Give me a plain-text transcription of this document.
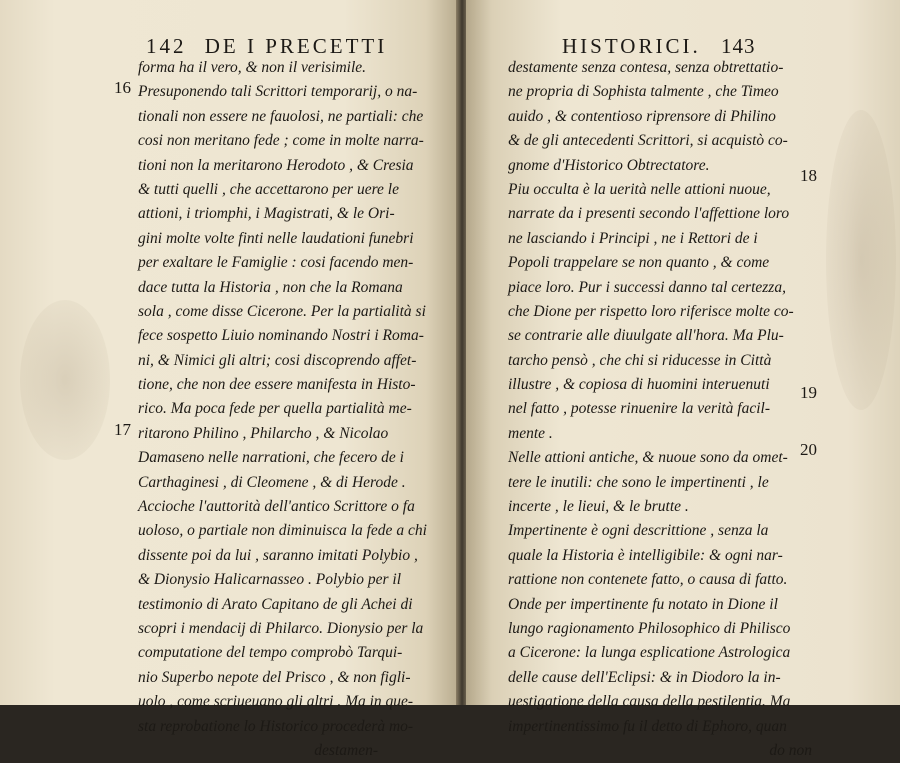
142 DE I PRECETTI
16
17
forma ha il vero, & non il verisimile.
Presuponendo tali Scrittori temporarij, o na-
tionali non essere ne fauolosi, ne partiali: che
cosi non meritano fede ; come in molte narra-
tioni non la meritarono Herodoto , & Cresia
& tutti quelli , che accettarono per uere le
attioni, i triomphi, i Magistrati, & le Ori-
gini molte volte finti nelle laudationi funebri
per exaltare le Famiglie : cosi facendo men-
dace tutta la Historia , non che la Romana
sola , come disse Cicerone. Per la partialità si
fece sospetto Liuio nominando Nostri i Roma-
ni, & Nimici gli altri; cosi discoprendo affet-
tione, che non dee essere manifesta in Histo-
rico. Ma poca fede per quella partialità me-
ritarono Philino , Philarcho , & Nicolao
Damaseno nelle narrationi, che fecero de i
Carthaginesi , di Cleomene , & di Herode .
Accioche l'auttorità dell'antico Scrittore o fa
uoloso, o partiale non diminuisca la fede a chi
dissente poi da lui , saranno imitati Polybio ,
& Dionysio Halicarnasseo . Polybio per il
testimonio di Arato Capitano de gli Achei di
scopri i mendacij di Philarco. Dionysio per la
computatione del tempo comprobò Tarqui-
nio Superbo nepote del Prisco , & non figli-
uolo , come scriueuano gli altri . Ma in que-
sta reprobatione lo Historico procederà mo-
destamen-
HISTORICI. 143
18
19
20
destamente senza contesa, senza obtrettatio-
ne propria di Sophista talmente , che Timeo
auido , & contentioso riprensore di Philino
& de gli antecedenti Scrittori, si acquistò co-
gnome d'Historico Obtrectatore.
Piu occulta è la uerità nelle attioni nuoue,
narrate da i presenti secondo l'affettione loro
ne lasciando i Principi , ne i Rettori de i
Popoli trappelare se non quanto , & come
piace loro. Pur i successi danno tal certezza,
che Dione per rispetto loro riferisce molte co-
se contrarie alle diuulgate all'hora. Ma Plu-
tarcho pensò , che chi si riducesse in Città
illustre , & copiosa di huomini interuenuti
nel fatto , potesse rinuenire la verità facil-
mente .
Nelle attioni antiche, & nuoue sono da omet-
tere le inutili: che sono le impertinenti , le
incerte , le lieui, & le brutte .
Impertinente è ogni descrittione , senza la
quale la Historia è intelligibile: & ogni nar-
rattione non contenete fatto, o causa di fatto.
Onde per impertinente fu notato in Dione il
lungo ragionamento Philosophico di Philisco
a Cicerone: la lunga esplicatione Astrologica
delle cause dell'Eclipsi: & in Diodoro la in-
uestigatione della causa della pestilentia. Ma
impertinentissimo fu il detto di Ephoro, quan
do non
